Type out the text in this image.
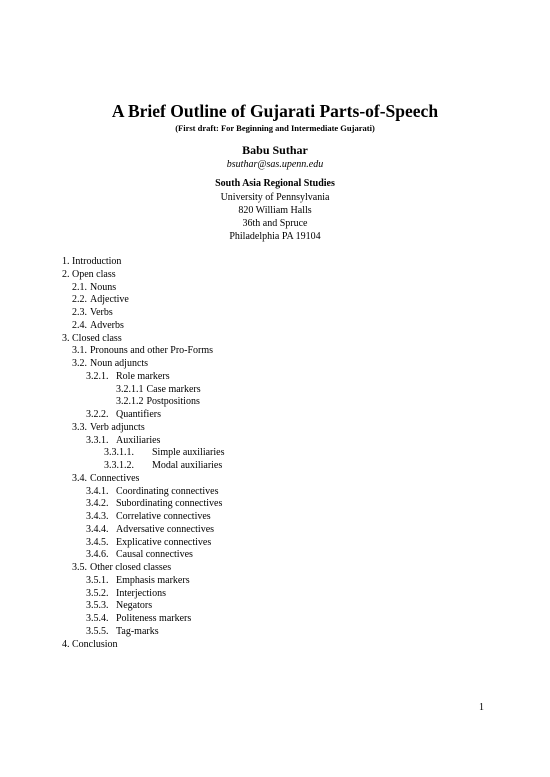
A Brief Outline of Gujarati Parts-of-Speech
(First draft: For Beginning and Intermediate Gujarati)
Babu Suthar
bsuthar@sas.upenn.edu
South Asia Regional Studies
University of Pennsylvania
820 William Halls
36th and Spruce
Philadelphia PA 19104
1. Introduction
2. Open class
2.1. Nouns
2.2. Adjective
2.3. Verbs
2.4. Adverbs
3. Closed class
3.1. Pronouns and other Pro-Forms
3.2. Noun adjuncts
3.2.1. Role markers
3.2.1.1 Case markers
3.2.1.2 Postpositions
3.2.2. Quantifiers
3.3. Verb adjuncts
3.3.1. Auxiliaries
3.3.1.1.	Simple auxiliaries
3.3.1.2.	Modal auxiliaries
3.4. Connectives
3.4.1. Coordinating connectives
3.4.2. Subordinating connectives
3.4.3. Correlative connectives
3.4.4. Adversative connectives
3.4.5. Explicative connectives
3.4.6. Causal connectives
3.5. Other closed classes
3.5.1. Emphasis markers
3.5.2. Interjections
3.5.3. Negators
3.5.4. Politeness markers
3.5.5. Tag-marks
4. Conclusion
1
